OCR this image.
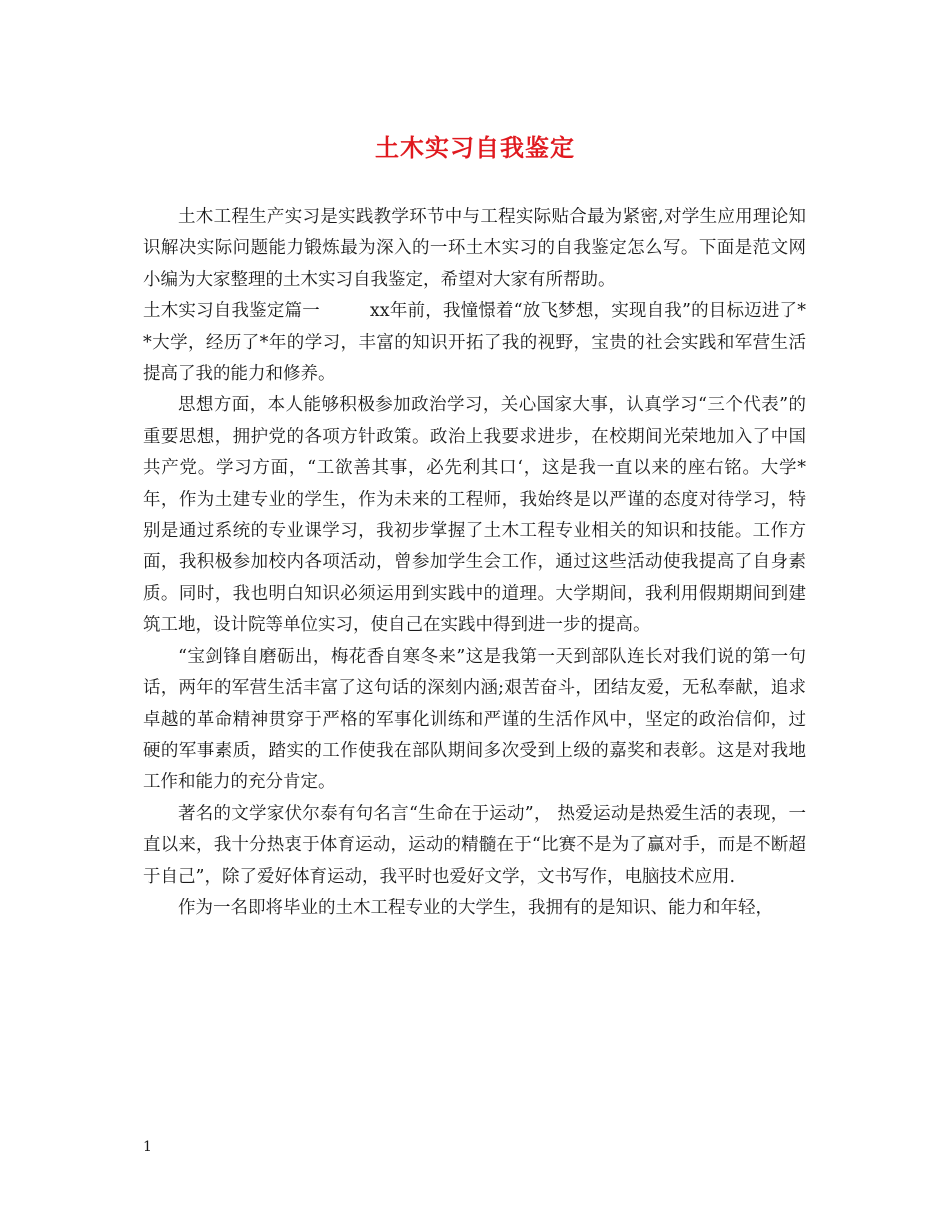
土木实习自我鉴定

土木工程生产实习是实践教学环节中与工程实际贴合最为紧密,对学生应用理论知识解决实际问题能力锻炼最为深入的一环土木实习的自我鉴定怎么写。下面是范文网小编为大家整理的土木实习自我鉴定，希望对大家有所帮助。

土木实习自我鉴定篇一	xx年前，我憧憬着“放飞梦想，实现自我”的目标迈进了**大学，经历了*年的学习，丰富的知识开拓了我的视野，宝贵的社会实践和军营生活提高了我的能力和修养。

思想方面，本人能够积极参加政治学习，关心国家大事，认真学习“三个代表”的重要思想，拥护党的各项方针政策。政治上我要求进步，在校期间光荣地加入了中国共产党。学习方面，“工欲善其事，必先利其口‘，这是我一直以来的座右铭。大学*年，作为土建专业的学生，作为未来的工程师，我始终是以严谨的态度对待学习，特别是通过系统的专业课学习，我初步掌握了土木工程专业相关的知识和技能。工作方面，我积极参加校内各项活动，曾参加学生会工作，通过这些活动使我提高了自身素质。同时，我也明白知识必须运用到实践中的道理。大学期间，我利用假期期间到建筑工地，设计院等单位实习，使自己在实践中得到进一步的提高。

“宝剑锋自磨砺出，梅花香自寒冬来”这是我第一天到部队连长对我们说的第一句话，两年的军营生活丰富了这句话的深刻内涵;艰苦奋斗，团结友爱，无私奉献，追求卓越的革命精神贯穿于严格的军事化训练和严谨的生活作风中，坚定的政治信仰，过硬的军事素质，踏实的工作使我在部队期间多次受到上级的嘉奖和表彰。这是对我地工作和能力的充分肯定。

著名的文学家伏尔泰有句名言“生命在于运动”， 热爱运动是热爱生活的表现，一直以来，我十分热衷于体育运动，运动的精髓在于“比赛不是为了赢对手，而是不断超于自己”，除了爱好体育运动，我平时也爱好文学，文书写作，电脑技术应用.

作为一名即将毕业的土木工程专业的大学生，我拥有的是知识、能力和年轻，

1
